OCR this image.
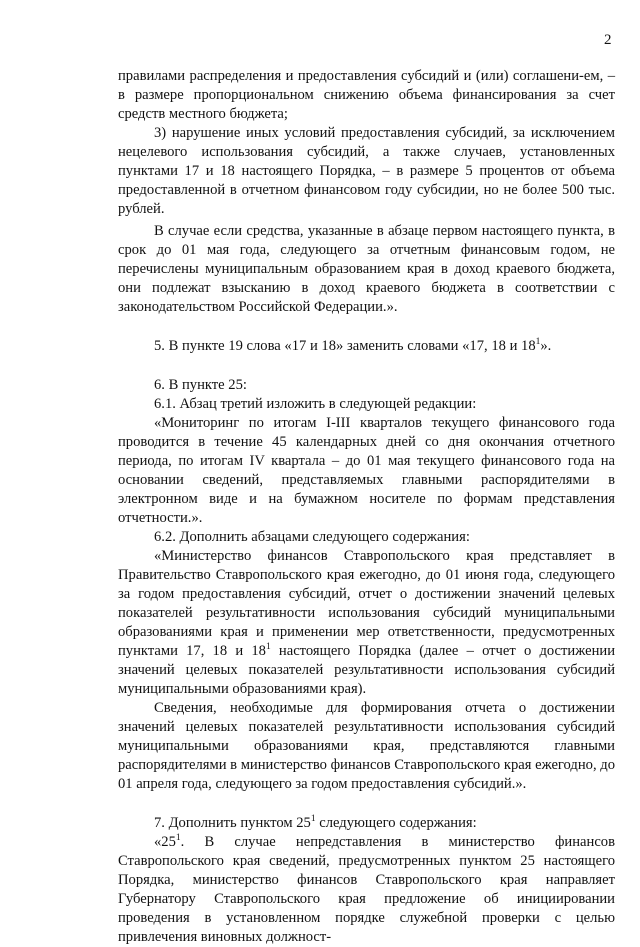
2

правилами распределения и предоставления субсидий и (или) соглашени-ем, – в размере пропорциональном снижению объема финансирования за счет средств местного бюджета;

3) нарушение иных условий предоставления субсидий, за исключением нецелевого использования субсидий, а также случаев, установленных пунктами 17 и 18 настоящего Порядка, – в размере 5 процентов от объема предоставленной в отчетном финансовом году субсидии, но не более 500 тыс. рублей.

В случае если средства, указанные в абзаце первом настоящего пункта, в срок до 01 мая года, следующего за отчетным финансовым годом, не перечислены муниципальным образованием края в доход краевого бюджета, они подлежат взысканию в доход краевого бюджета в соответствии с законодательством Российской Федерации.».

5. В пункте 19 слова «17 и 18» заменить словами «17, 18 и $18^1$».

6. В пункте 25:

6.1. Абзац третий изложить в следующей редакции:

«Мониторинг по итогам I-III кварталов текущего финансового года проводится в течение 45 календарных дней со дня окончания отчетного периода, по итогам IV квартала – до 01 мая текущего финансового года на основании сведений, представляемых главными распорядителями в электронном виде и на бумажном носителе по формам представления отчетности.».

6.2. Дополнить абзацами следующего содержания:

«Министерство финансов Ставропольского края представляет в Правительство Ставропольского края ежегодно, до 01 июня года, следующего за годом предоставления субсидий, отчет о достижении значений целевых показателей результативности использования субсидий муниципальными образованиями края и применении мер ответственности, предусмотренных пунктами 17, 18 и $18^1$ настоящего Порядка (далее – отчет о достижении значений целевых показателей результативности использования субсидий муниципальными образованиями края).

Сведения, необходимые для формирования отчета о достижении значений целевых показателей результативности использования субсидий муниципальными образованиями края, представляются главными распорядителями в министерство финансов Ставропольского края ежегодно, до 01 апреля года, следующего за годом предоставления субсидий.».

7. Дополнить пунктом $25^1$ следующего содержания:

«$25^1$. В случае непредставления в министерство финансов Ставропольского края сведений, предусмотренных пунктом 25 настоящего Порядка, министерство финансов Ставропольского края направляет Губернатору Ставропольского края предложение об инициировании проведения в установленном порядке служебной проверки с целью привлечения виновных должност-
